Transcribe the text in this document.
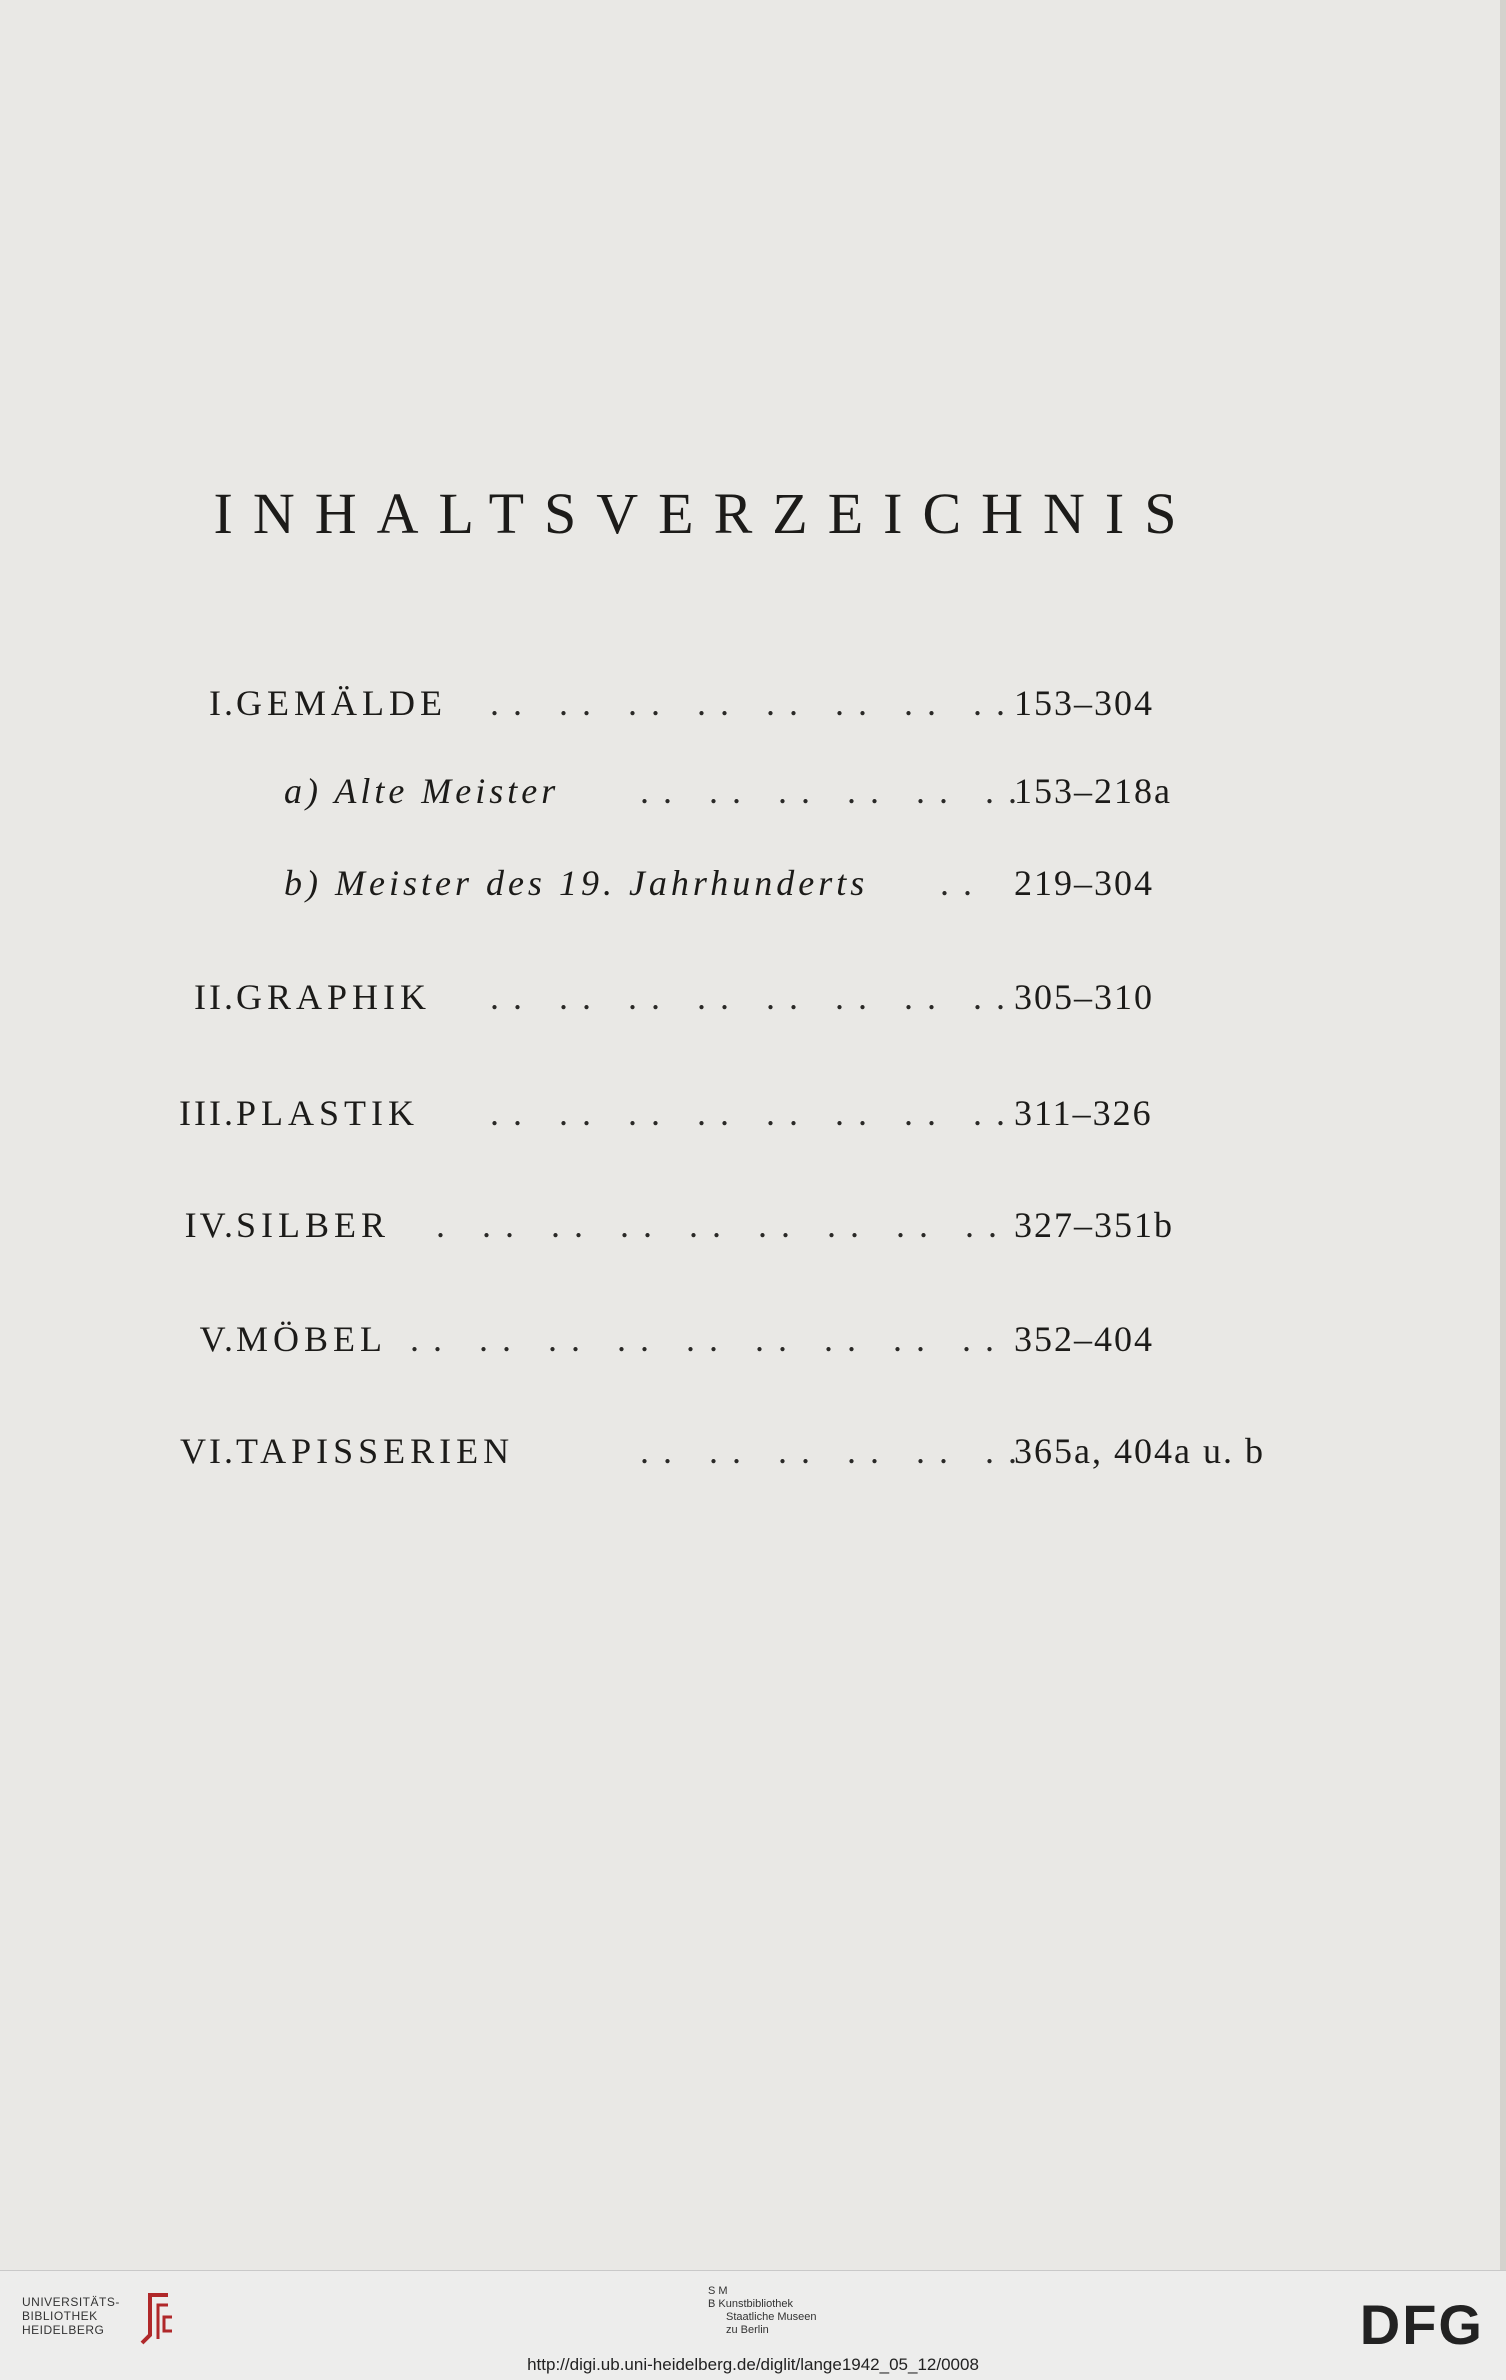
INHALTSVERZEICHNIS
I. GEMÄLDE .. .. .. .. .. .. .. ..
153–304
a) Alte Meister .. .. .. .. .. ..
153–218a
b) Meister des 19. Jahrhunderts .. 219–304
II. GRAPHIK .. .. .. .. .. .. .. ..
305–310
III. PLASTIK .. .. .. .. .. .. .. ..
311–326
IV. SILBER . .. .. .. .. .. .. .. .. 327–351b
V. MÖBEL .. .. .. .. .. .. .. .. .. 352–404
VI. TAPISSERIEN	.. .. .. .. .. ..
365a, 404a u. b
UNIVERSITÄTS-
BIBLIOTHEK
HEIDELBERG
S M
B Kunstbibliothek
Staatliche Museen
zu Berlin	DFG
http://digi.ub.uni-heidelberg.de/diglit/lange1942_05_12/0008
